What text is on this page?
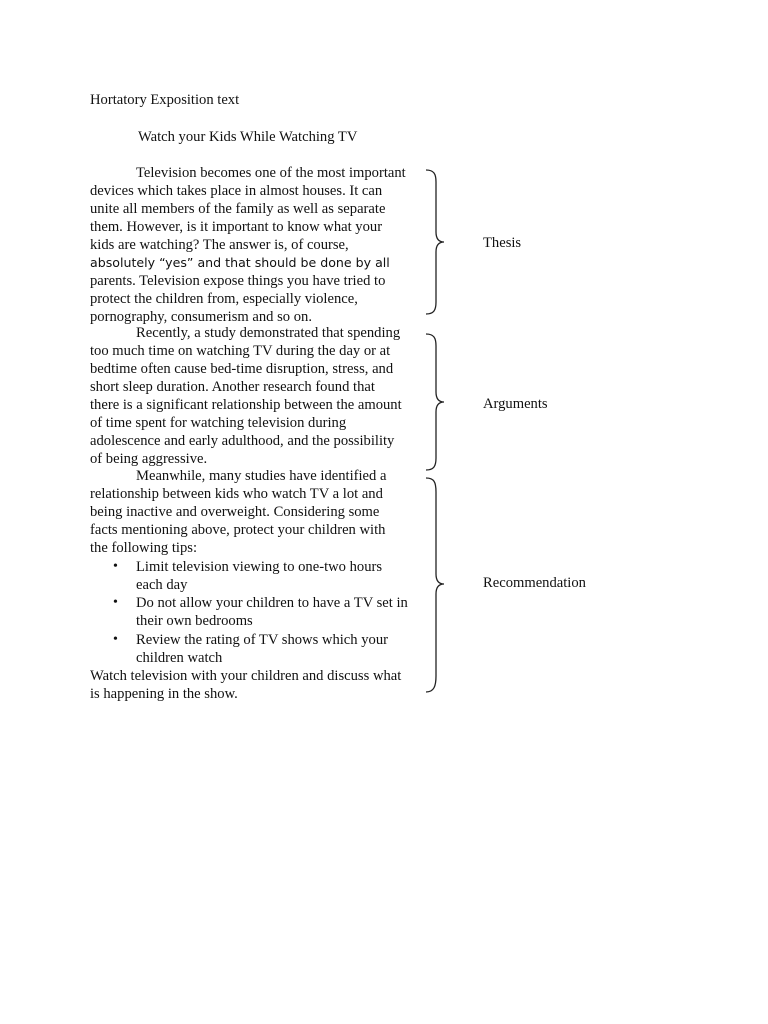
Hortatory Exposition text
Watch your Kids While Watching TV
Television becomes one of the most important
devices which takes place in almost houses. It can
unite all members of the family as well as separate
them. However, is it important to know what your
kids are watching? The answer is, of course,
absolutely “yes” and that should be done by all
parents. Television expose things you have tried to
protect the children from, especially violence,
pornography, consumerism and so on.
Recently, a study demonstrated that spending
too much time on watching TV during the day or at
bedtime often cause bed-time disruption, stress, and
short sleep duration. Another research found that
there is a significant relationship between the amount
of time spent for watching television during
adolescence and early adulthood, and the possibility
of being aggressive.
Meanwhile, many studies have identified a
relationship between kids who watch TV a lot and
being inactive and overweight. Considering some
facts mentioning above, protect your children with
the following tips:
• Limit television viewing to one-two hours
each day
• Do not allow your children to have a TV set in
their own bedrooms
• Review the rating of TV shows which your
children watch
Watch television with your children and discuss what
is happening in the show.
Thesis
Arguments
Recommendation
